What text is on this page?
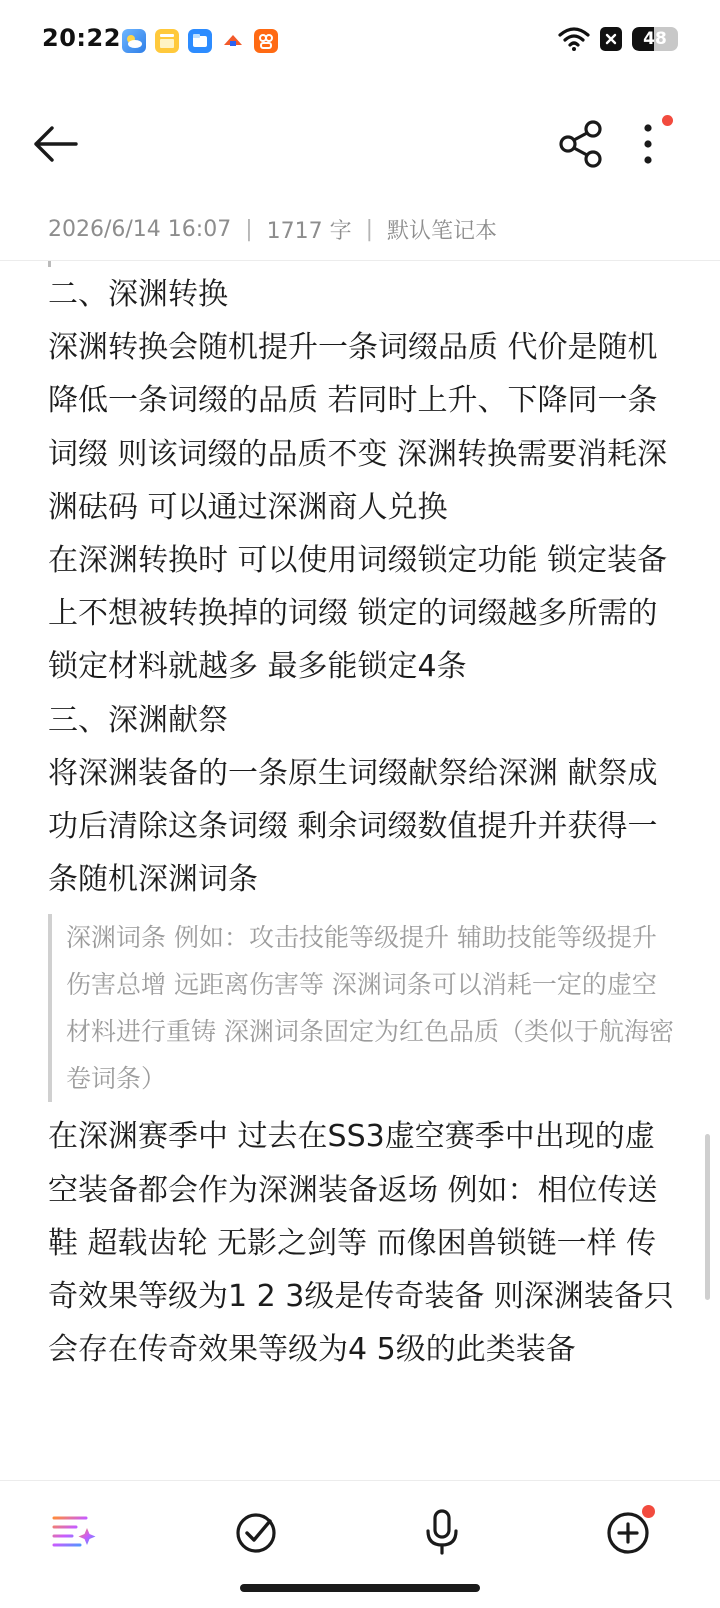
20:22	48
2026/6/14 16:07 | 1717 字 | 默认笔记本
二、深渊转换
深渊转换会随机提升一条词缀品质 代价是随机降低一条词缀的品质 若同时上升、下降同一条词缀 则该词缀的品质不变 深渊转换需要消耗深渊砝码 可以通过深渊商人兑换
在深渊转换时 可以使用词缀锁定功能 锁定装备上不想被转换掉的词缀 锁定的词缀越多所需的锁定材料就越多 最多能锁定4条
三、深渊献祭
将深渊装备的一条原生词缀献祭给深渊 献祭成功后清除这条词缀 剩余词缀数值提升并获得一条随机深渊词条
深渊词条 例如：攻击技能等级提升 辅助技能等级提升 伤害总增 远距离伤害等 深渊词条可以消耗一定的虚空材料进行重铸 深渊词条固定为红色品质（类似于航海密卷词条）
在深渊赛季中 过去在SS3虚空赛季中出现的虚空装备都会作为深渊装备返场 例如：相位传送鞋 超载齿轮 无影之剑等 而像困兽锁链一样 传奇效果等级为1 2 3级是传奇装备 则深渊装备只会存在传奇效果等级为4 5级的此类装备
